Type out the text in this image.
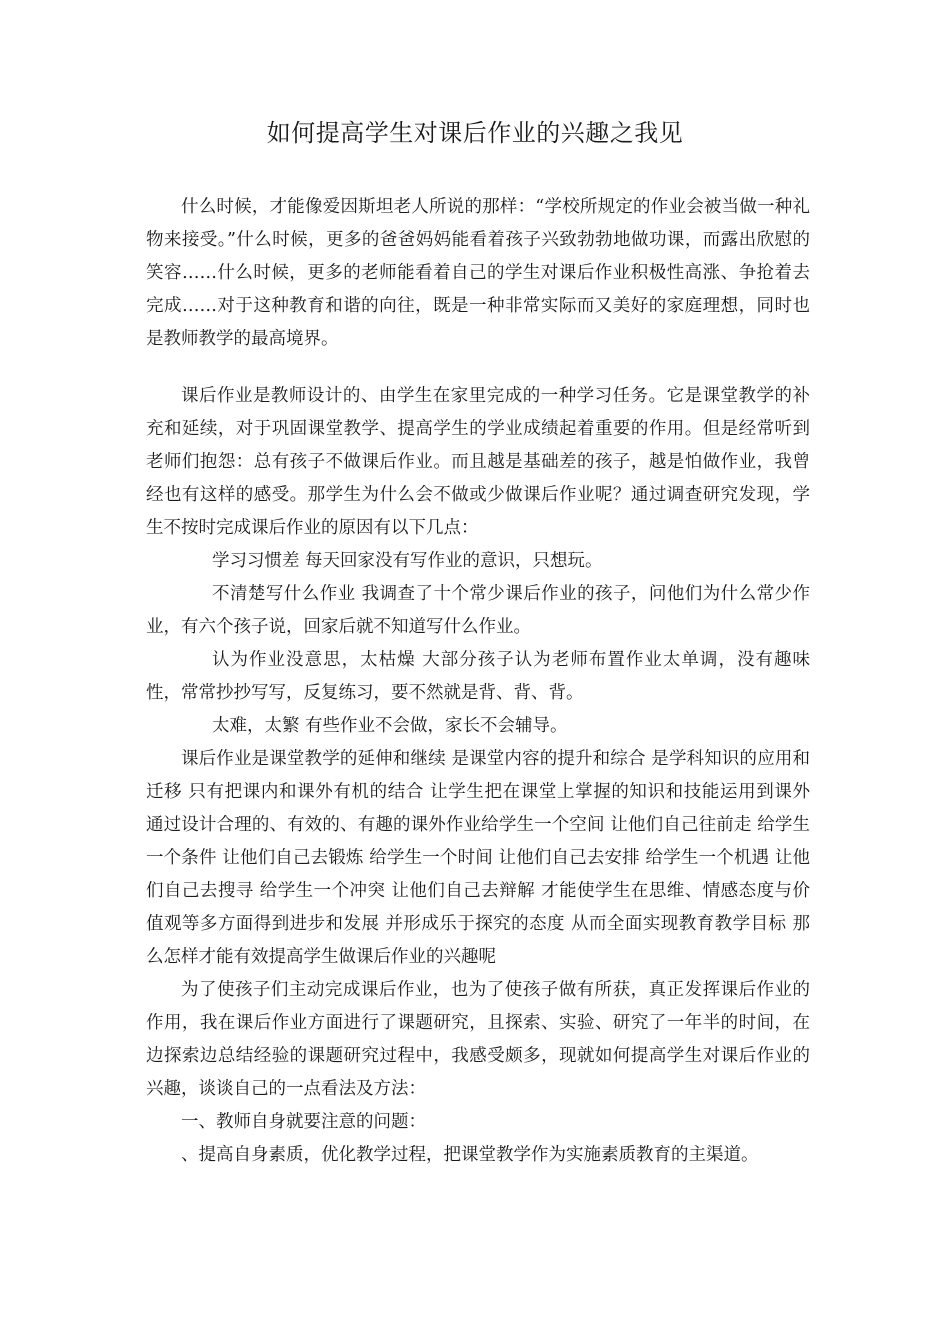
如何提高学生对课后作业的兴趣之我见

什么时候，才能像爱因斯坦老人所说的那样：“学校所规定的作业会被当做一种礼物来接受。”什么时候，更多的爸爸妈妈能看着孩子兴致勃勃地做功课，而露出欣慰的笑容……什么时候，更多的老师能看着自己的学生对课后作业积极性高涨、争抢着去完成……对于这种教育和谐的向往，既是一种非常实际而又美好的家庭理想，同时也是教师教学的最高境界。

课后作业是教师设计的、由学生在家里完成的一种学习任务。它是课堂教学的补充和延续，对于巩固课堂教学、提高学生的学业成绩起着重要的作用。但是经常听到老师们抱怨：总有孩子不做课后作业。而且越是基础差的孩子，越是怕做作业，我曾经也有这样的感受。那学生为什么会不做或少做课后作业呢？通过调查研究发现，学生不按时完成课后作业的原因有以下几点：

学习习惯差 每天回家没有写作业的意识，只想玩。

不清楚写什么作业 我调查了十个常少课后作业的孩子，问他们为什么常少作业，有六个孩子说，回家后就不知道写什么作业。

认为作业没意思，太枯燥 大部分孩子认为老师布置作业太单调，没有趣味性，常常抄抄写写，反复练习，要不然就是背、背、背。

太难，太繁 有些作业不会做，家长不会辅导。

课后作业是课堂教学的延伸和继续 是课堂内容的提升和综合 是学科知识的应用和迁移 只有把课内和课外有机的结合 让学生把在课堂上掌握的知识和技能运用到课外 通过设计合理的、有效的、有趣的课外作业给学生一个空间 让他们自己往前走 给学生一个条件 让他们自己去锻炼 给学生一个时间 让他们自己去安排 给学生一个机遇 让他们自己去搜寻 给学生一个冲突 让他们自己去辩解 才能使学生在思维、情感态度与价值观等多方面得到进步和发展 并形成乐于探究的态度 从而全面实现教育教学目标 那么怎样才能有效提高学生做课后作业的兴趣呢

为了使孩子们主动完成课后作业，也为了使孩子做有所获，真正发挥课后作业的作用，我在课后作业方面进行了课题研究，且探索、实验、研究了一年半的时间，在边探索边总结经验的课题研究过程中，我感受颇多，现就如何提高学生对课后作业的兴趣，谈谈自己的一点看法及方法：

一、教师自身就要注意的问题：

、提高自身素质，优化教学过程，把课堂教学作为实施素质教育的主渠道。
